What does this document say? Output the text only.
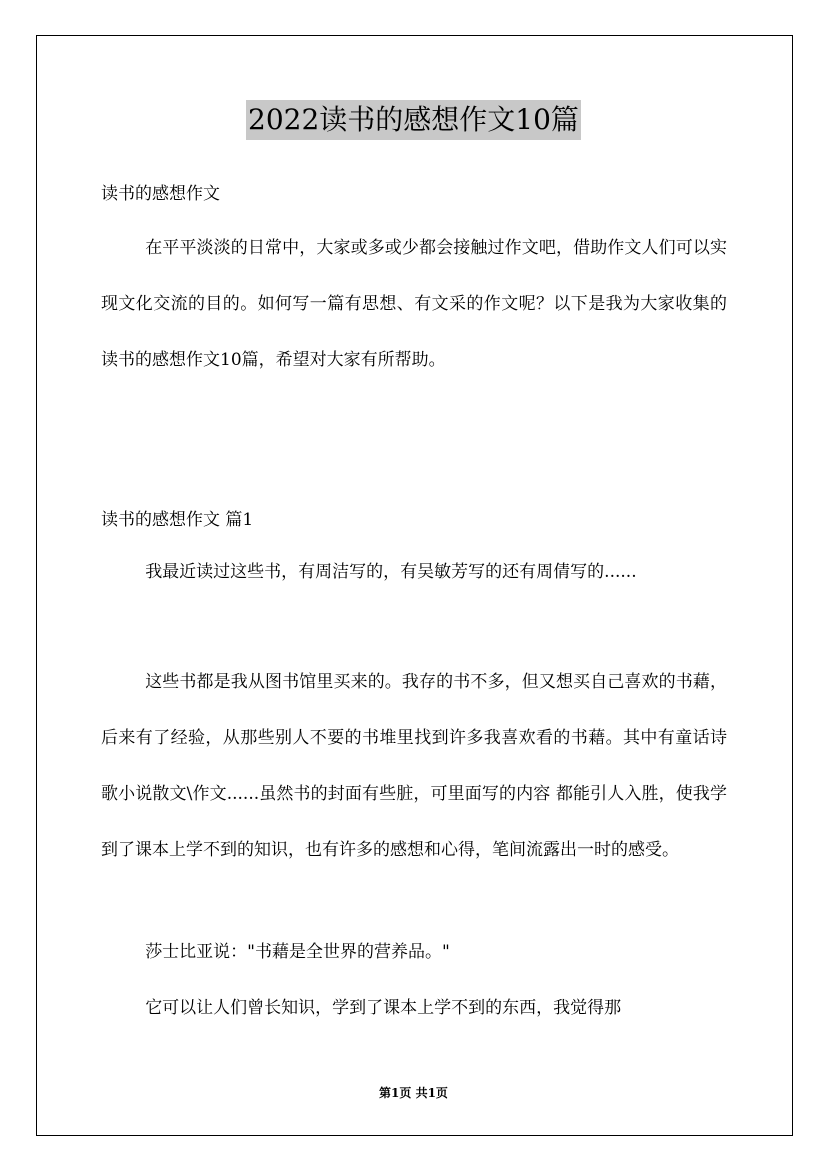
2022读书的感想作文10篇

读书的感想作文

在平平淡淡的日常中，大家或多或少都会接触过作文吧，借助作文人们可以实现文化交流的目的。如何写一篇有思想、有文采的作文呢？以下是我为大家收集的读书的感想作文10篇，希望对大家有所帮助。

读书的感想作文 篇1

我最近读过这些书，有周洁写的，有吴敏芳写的还有周倩写的......

这些书都是我从图书馆里买来的。我存的书不多，但又想买自己喜欢的书藉，后来有了经验，从那些别人不要的书堆里找到许多我喜欢看的书藉。其中有童话诗歌小说散文\作文......虽然书的封面有些脏，可里面写的内容 都能引人入胜，使我学到了课本上学不到的知识，也有许多的感想和心得，笔间流露出一时的感受。

莎士比亚说："书藉是全世界的营养品。"

它可以让人们曾长知识，学到了课本上学不到的东西，我觉得那

第1页 共1页
